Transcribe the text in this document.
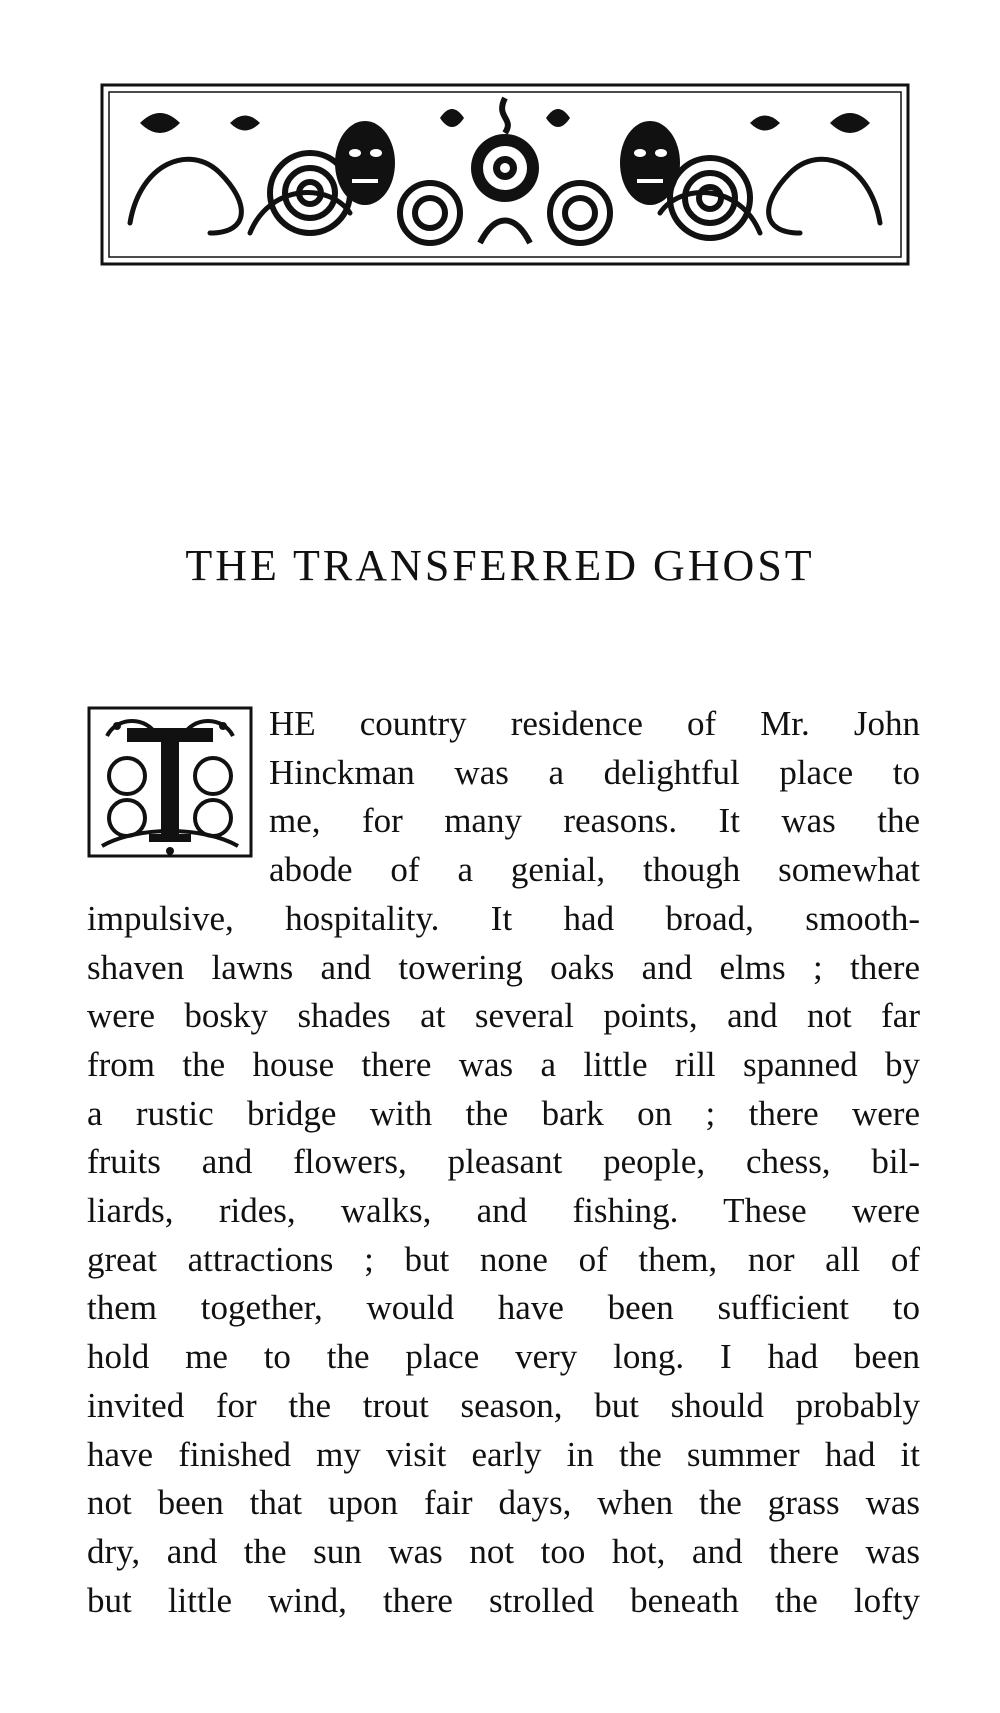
THE TRANSFERRED GHOST

HE country residence of Mr. John
Hinckman was a delightful place to
me, for many reasons. It was the
abode of a genial, though somewhat
impulsive, hospitality. It had broad, smooth-
shaven lawns and towering oaks and elms ; there
were bosky shades at several points, and not far
from the house there was a little rill spanned by
a rustic bridge with the bark on ; there were
fruits and flowers, pleasant people, chess, bil-
liards, rides, walks, and fishing. These were
great attractions ; but none of them, nor all of
them together, would have been sufficient to
hold me to the place very long. I had been
invited for the trout season, but should probably
have finished my visit early in the summer had it
not been that upon fair days, when the grass was
dry, and the sun was not too hot, and there was
but little wind, there strolled beneath the lofty
